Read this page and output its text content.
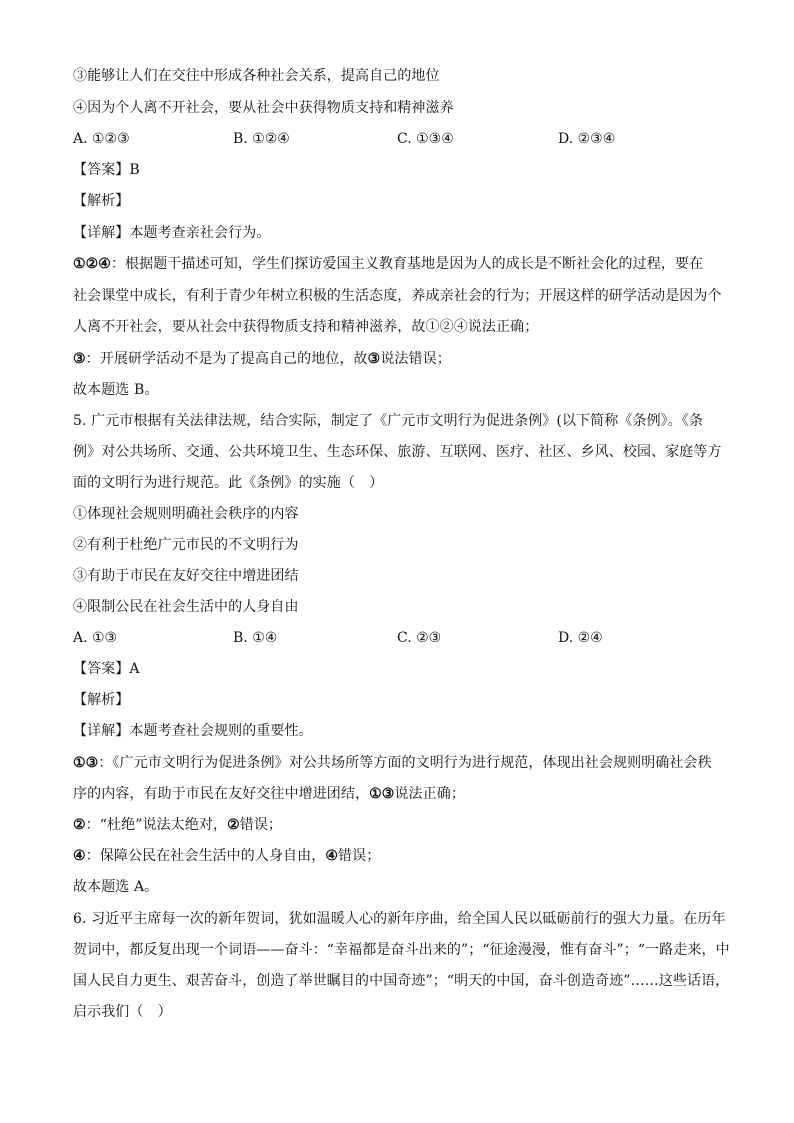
③能够让人们在交往中形成各种社会关系，提高自己的地位
④因为个人离不开社会，要从社会中获得物质支持和精神滋养
A. ①②③	B. ①②④	C. ①③④	D. ②③④
【答案】B
【解析】
【详解】本题考查亲社会行为。
①②④：根据题干描述可知，学生们探访爱国主义教育基地是因为人的成长是不断社会化的过程，要在
社会课堂中成长，有利于青少年树立积极的生活态度，养成亲社会的行为；开展这样的研学活动是因为个
人离不开社会，要从社会中获得物质支持和精神滋养，故①②④说法正确；
③：开展研学活动不是为了提高自己的地位，故③说法错误；
故本题选 B。
5. 广元市根据有关法律法规，结合实际，制定了《广元市文明行为促进条例》(以下简称《条例》。《条
例》对公共场所、交通、公共环境卫生、生态环保、旅游、互联网、医疗、社区、乡风、校园、家庭等方
面的文明行为进行规范。此《条例》的实施（　）
①体现社会规则明确社会秩序的内容
②有利于杜绝广元市民的不文明行为
③有助于市民在友好交往中增进团结
④限制公民在社会生活中的人身自由
A. ①③	B. ①④	C. ②③	D. ②④
【答案】A
【解析】
【详解】本题考查社会规则的重要性。
①③：《广元市文明行为促进条例》对公共场所等方面的文明行为进行规范，体现出社会规则明确社会秩
序的内容，有助于市民在友好交往中增进团结，①③说法正确；
②：“杜绝”说法太绝对，②错误；
④：保障公民在社会生活中的人身自由，④错误；
故本题选 A。
6. 习近平主席每一次的新年贺词，犹如温暖人心的新年序曲，给全国人民以砥砺前行的强大力量。在历年
贺词中，都反复出现一个词语——奋斗：“幸福都是奋斗出来的”；“征途漫漫，惟有奋斗”；“一路走来，中
国人民自力更生、艰苦奋斗，创造了举世瞩目的中国奇迹”；“明天的中国，奋斗创造奇迹”……这些话语，
启示我们（　）
